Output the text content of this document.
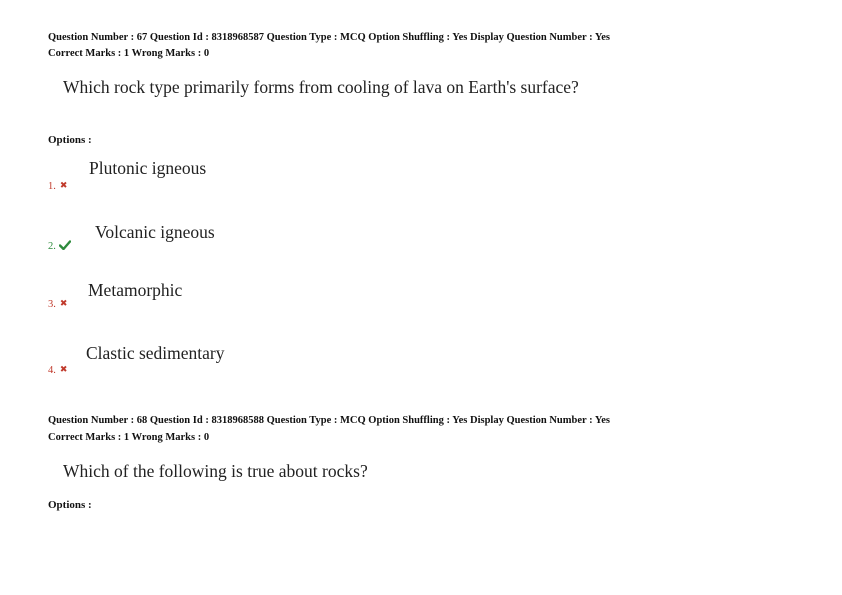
Question Number : 67 Question Id : 8318968587 Question Type : MCQ Option Shuffling : Yes Display Question Number : Yes
Correct Marks : 1 Wrong Marks : 0
Which rock type primarily forms from cooling of lava on Earth's surface?
Options :
Plutonic igneous
1. ✖
Volcanic igneous
2.
Metamorphic
3. ✖
Clastic sedimentary
4. ✖
Question Number : 68 Question Id : 8318968588 Question Type : MCQ Option Shuffling : Yes Display Question Number : Yes
Correct Marks : 1 Wrong Marks : 0
Which of the following is true about rocks?
Options :
